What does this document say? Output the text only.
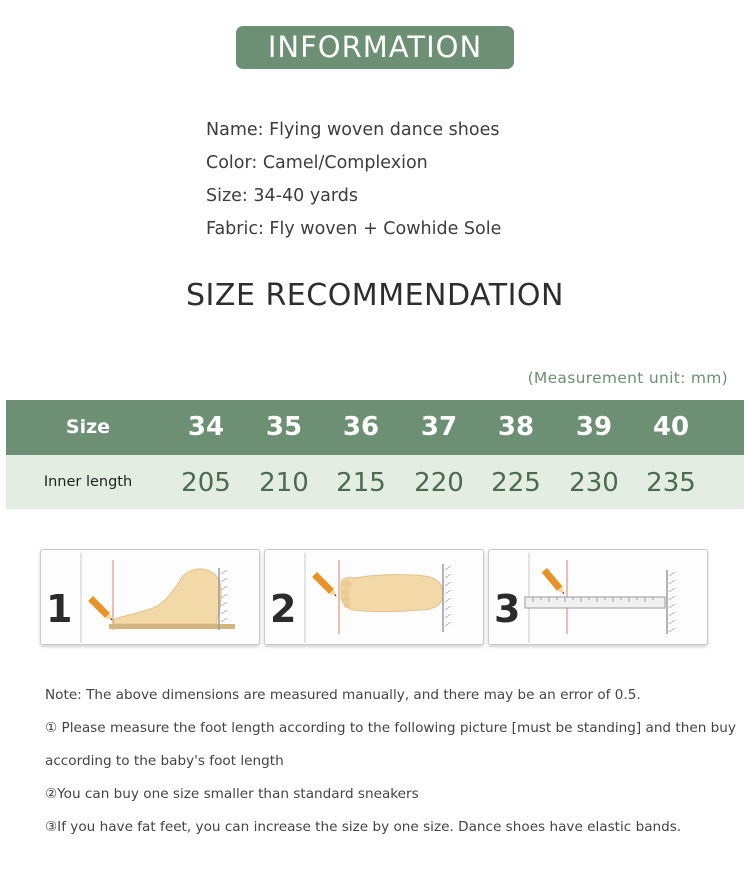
INFORMATION
Name: Flying woven dance shoes
Color: Camel/Complexion
Size: 34-40 yards
Fabric: Fly woven + Cowhide Sole
SIZE RECOMMENDATION
(Measurement unit: mm)
Size	34	35	36	37	38	39	40
Inner length	205	210	215	220	225	230	235
1	2	3
Note: The above dimensions are measured manually, and there may be an error of 0.5.
① Please measure the foot length according to the following picture [must be standing] and then buy
according to the baby's foot length
②You can buy one size smaller than standard sneakers
③If you have fat feet, you can increase the size by one size. Dance shoes have elastic bands.
